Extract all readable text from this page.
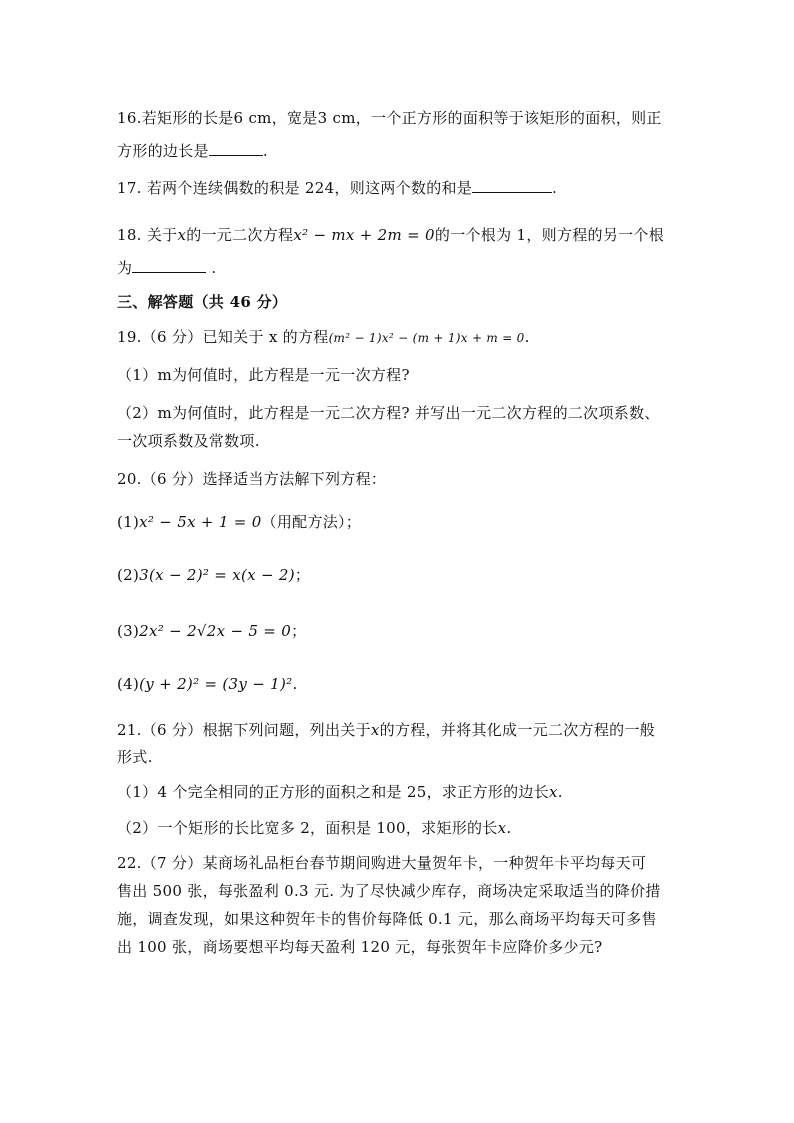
16.若矩形的长是6 cm，宽是3 cm，一个正方形的面积等于该矩形的面积，则正
方形的边长是	.
17. 若两个连续偶数的积是 224，则这两个数的和是	.
18. 关于x的一元二次方程x² − mx + 2m = 0的一个根为 1，则方程的另一个根
为	.
三、解答题（共 46 分）
19.（6 分）已知关于 x 的方程(m² − 1)x² − (m + 1)x + m = 0.
（1）m为何值时，此方程是一元一次方程?
（2）m为何值时，此方程是一元二次方程? 并写出一元二次方程的二次项系数、
一次项系数及常数项.
20.（6 分）选择适当方法解下列方程：
(1)x² − 5x + 1 = 0（用配方法）；
(2)3(x − 2)² = x(x − 2)；
(3)2x² − 2√2x − 5 = 0；
(4)(y + 2)² = (3y − 1)².
21.（6 分）根据下列问题，列出关于x的方程，并将其化成一元二次方程的一般
形式.
（1）4 个完全相同的正方形的面积之和是 25，求正方形的边长x.
（2）一个矩形的长比宽多 2，面积是 100，求矩形的长x.
22.（7 分）某商场礼品柜台春节期间购进大量贺年卡，一种贺年卡平均每天可
售出 500 张，每张盈利 0.3 元. 为了尽快减少库存，商场决定采取适当的降价措
施，调查发现，如果这种贺年卡的售价每降低 0.1 元，那么商场平均每天可多售
出 100 张，商场要想平均每天盈利 120 元，每张贺年卡应降价多少元?
